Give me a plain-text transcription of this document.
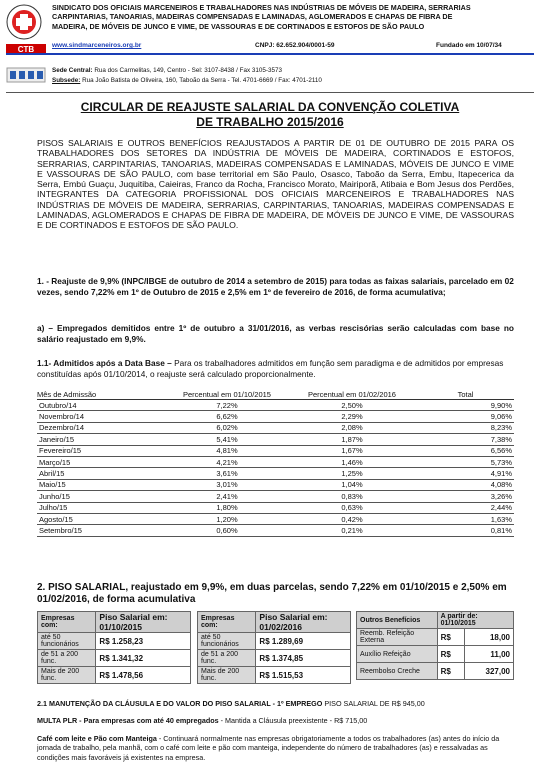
SINDICATO DOS OFICIAIS MARCENEIROS E TRABALHADORES NAS INDÚSTRIAS DE MÓVEIS DE MADEIRA, SERRARIAS
CARPINTARIAS, TANOARIAS, MADEIRAS COMPENSADAS E LAMINADAS, AGLOMERADOS E CHAPAS DE FIBRA DE
MADEIRA, DE MÓVEIS DE JUNCO E VIME, DE VASSOURAS E DE CORTINADOS E ESTOFOS DE SÃO PAULO
CTB	www.sindmarceneiros.org.br	CNPJ: 62.652.904/0001-59	Fundado em 10/07/34
Sede Central: Rua dos Carmelitas, 149, Centro - Sel: 3107-8438 / Fax 3105-3573
Subsede: Rua João Batista de Oliveira, 160, Taboão da Serra - Tel. 4701-6669 / Fax: 4701-2110
CIRCULAR DE REAJUSTE SALARIAL DA CONVENÇÃO COLETIVA
DE TRABALHO 2015/2016
PISOS SALARIAIS E OUTROS BENEFÍCIOS REAJUSTADOS A PARTIR DE 01 DE OUTUBRO DE 2015 PARA OS TRABALHADORES DOS SETORES DA INDÚSTRIA DE MÓVEIS DE MADEIRA, CORTINADOS E ESTOFOS, SERRARIAS, CARPINTARIAS, TANOARIAS, MADEIRAS COMPENSADAS E LAMINADAS, MÓVEIS DE JUNCO E VIME E VASSOURAS DE SÃO PAULO, com base territorial em São Paulo, Osasco, Taboão da Serra, Embu, Itapecerica da Serra, Embú Guaçu, Juquitiba, Caieiras, Franco da Rocha, Francisco Morato, Mairiporã, Atibaia e Bom Jesus dos Perdões, INTEGRANTES DA CATEGORIA PROFISSIONAL DOS OFICIAIS MARCENEIROS E TRABALHADORES NAS INDÚSTRIAS DE MÓVEIS DE MADEIRA, SERRARIAS, CARPINTARIAS, TANOARIAS, MADEIRAS COMPENSADAS E LAMINADAS, AGLOMERADOS E CHAPAS DE FIBRA DE MADEIRA, DE MÓVEIS DE JUNCO E VIME, DE VASSOURAS E DE CORTINADOS E ESTOFOS DE SÃO PAULO.
1. - Reajuste de 9,9% (INPC/IBGE de outubro de 2014 a setembro de 2015) para todas as faixas salariais, parcelado em 02 vezes, sendo 7,22% em 1º de Outubro de 2015 e 2,5% em 1º de fevereiro de 2016, de forma acumulativa;
a) – Empregados demitidos entre 1º de outubro a 31/01/2016, as verbas rescisórias serão calculadas com base no salário reajustado em 9,9%.
1.1- Admitidos após a Data Base – Para os trabalhadores admitidos em função sem paradigma e de admitidos por empresas constituídas após 01/10/2014, o reajuste será calculado proporcionalmente.
Mês de Admissão	Percentual em 01/10/2015	Percentual em 01/02/2016	Total
Outubro/14	7,22%	2,50%	9,90%
Novembro/14	6,62%	2,29%	9,06%
Dezembro/14	6,02%	2,08%	8,23%
Janeiro/15	5,41%	1,87%	7,38%
Fevereiro/15	4,81%	1,67%	6,56%
Março/15	4,21%	1,46%	5,73%
Abril/15	3,61%	1,25%	4,91%
Maio/15	3,01%	1,04%	4,08%
Junho/15	2,41%	0,83%	3,26%
Julho/15	1,80%	0,63%	2,44%
Agosto/15	1,20%	0,42%	1,63%
Setembro/15	0,60%	0,21%	0,81%
2. PISO SALARIAL, reajustado em 9,9%, em duas parcelas, sendo 7,22% em 01/10/2015 e 2,50% em 01/02/2016, de forma acumulativa
Empresas com:	Piso Salarial em: 01/10/2015
até 50 funcionários	R$ 1.258,23
de 51 a 200 func.	R$ 1.341,32
Mais de 200 func.	R$ 1.478,56
Empresas com:	Piso Salarial em: 01/02/2016
até 50 funcionários	R$ 1.289,69
de 51 a 200 func.	R$ 1.374,85
Mais de 200 func.	R$ 1.515,53
Outros Benefícios	A partir de: 01/10/2015	
Reemb. Refeição Externa	R$	18,00
Auxílio Refeição	R$	11,00
Reembolso Creche	R$	327,00
2.1 MANUTENÇÃO DA CLÁUSULA E DO VALOR DO PISO SALARIAL - 1º EMPREGO PISO SALARIAL DE R$ 945,00
MULTA PLR - Para empresas com até 40 empregados - Mantida a Cláusula preexistente - R$ 715,00
Café com leite e Pão com Manteiga - Continuará normalmente nas empresas obrigatoriamente a todos os trabalhadores (as) antes do início da jornada de trabalho, pela manhã, com o café com leite e pão com manteiga, independente do número de trabalhadores (as) e ressalvadas as condições mais favoráveis já existentes na empresa.
